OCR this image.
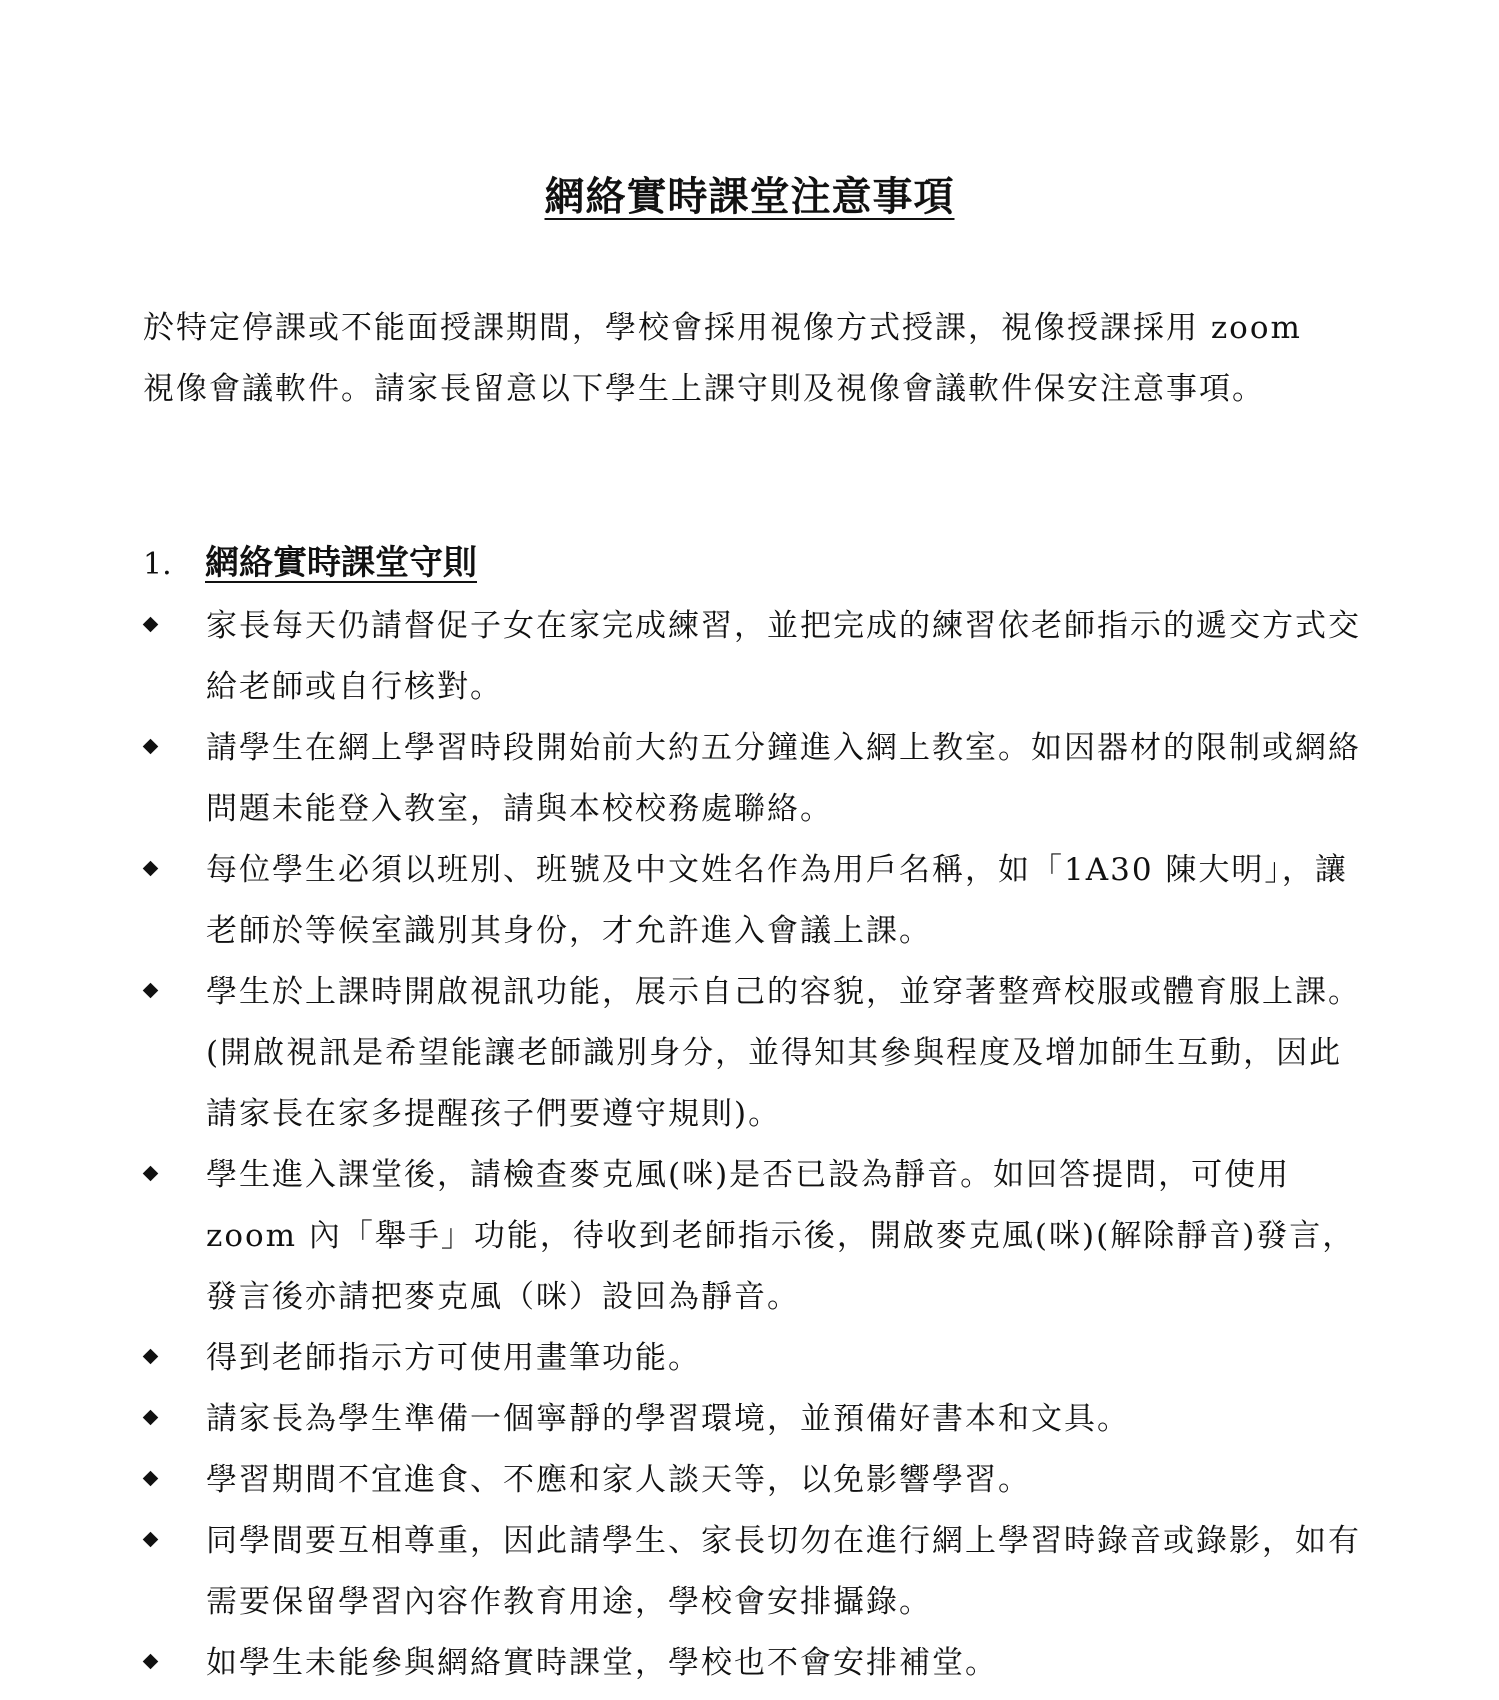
網絡實時課堂注意事項

於特定停課或不能面授課期間，學校會採用視像方式授課，視像授課採用 zoom 視像會議軟件。請家長留意以下學生上課守則及視像會議軟件保安注意事項。

1. 網絡實時課堂守則
家長每天仍請督促子女在家完成練習，並把完成的練習依老師指示的遞交方式交給老師或自行核對。
請學生在網上學習時段開始前大約五分鐘進入網上教室。如因器材的限制或網絡問題未能登入教室，請與本校校務處聯絡。
每位學生必須以班別、班號及中文姓名作為用戶名稱，如「1A30 陳大明」，讓老師於等候室識別其身份，才允許進入會議上課。
學生於上課時開啟視訊功能，展示自己的容貌，並穿著整齊校服或體育服上課。(開啟視訊是希望能讓老師識別身分，並得知其參與程度及增加師生互動，因此請家長在家多提醒孩子們要遵守規則)。
學生進入課堂後，請檢查麥克風(咪)是否已設為靜音。如回答提問，可使用 zoom 內「舉手」功能，待收到老師指示後，開啟麥克風(咪)(解除靜音)發言，發言後亦請把麥克風（咪）設回為靜音。
得到老師指示方可使用畫筆功能。
請家長為學生準備一個寧靜的學習環境，並預備好書本和文具。
學習期間不宜進食、不應和家人談天等，以免影響學習。
同學間要互相尊重，因此請學生、家長切勿在進行網上學習時錄音或錄影，如有需要保留學習內容作教育用途，學校會安排攝錄。
如學生未能參與網絡實時課堂，學校也不會安排補堂。
